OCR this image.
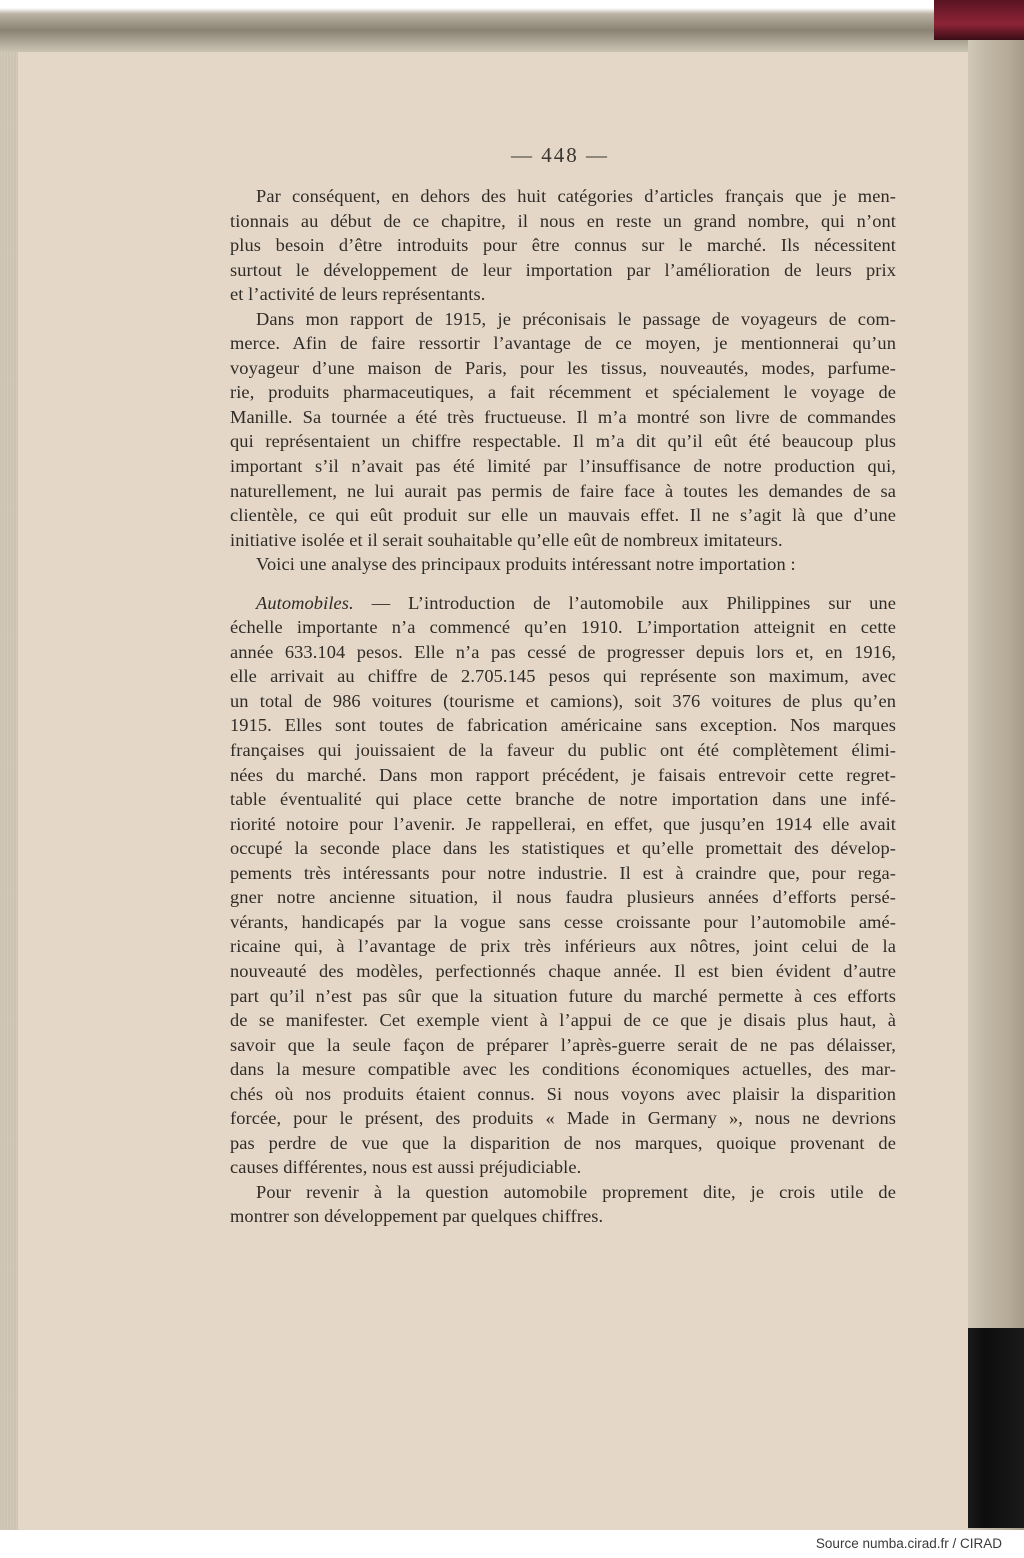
— 448 —
Par conséquent, en dehors des huit catégories d’articles français que je men-
tionnais au début de ce chapitre, il nous en reste un grand nombre, qui n’ont
plus besoin d’être introduits pour être connus sur le marché. Ils nécessitent
surtout le développement de leur importation par l’amélioration de leurs prix
et l’activité de leurs représentants.
Dans mon rapport de 1915, je préconisais le passage de voyageurs de com-
merce. Afin de faire ressortir l’avantage de ce moyen, je mentionnerai qu’un
voyageur d’une maison de Paris, pour les tissus, nouveautés, modes, parfume-
rie, produits pharmaceutiques, a fait récemment et spécialement le voyage de
Manille. Sa tournée a été très fructueuse. Il m’a montré son livre de commandes
qui représentaient un chiffre respectable. Il m’a dit qu’il eût été beaucoup plus
important s’il n’avait pas été limité par l’insuffisance de notre production qui,
naturellement, ne lui aurait pas permis de faire face à toutes les demandes de sa
clientèle, ce qui eût produit sur elle un mauvais effet. Il ne s’agit là que d’une
initiative isolée et il serait souhaitable qu’elle eût de nombreux imitateurs.
Voici une analyse des principaux produits intéressant notre importation :
Automobiles. — L’introduction de l’automobile aux Philippines sur une
échelle importante n’a commencé qu’en 1910. L’importation atteignit en cette
année 633.104 pesos. Elle n’a pas cessé de progresser depuis lors et, en 1916,
elle arrivait au chiffre de 2.705.145 pesos qui représente son maximum, avec
un total de 986 voitures (tourisme et camions), soit 376 voitures de plus qu’en
1915. Elles sont toutes de fabrication américaine sans exception. Nos marques
françaises qui jouissaient de la faveur du public ont été complètement élimi-
nées du marché. Dans mon rapport précédent, je faisais entrevoir cette regret-
table éventualité qui place cette branche de notre importation dans une infé-
riorité notoire pour l’avenir. Je rappellerai, en effet, que jusqu’en 1914 elle avait
occupé la seconde place dans les statistiques et qu’elle promettait des dévelop-
pements très intéressants pour notre industrie. Il est à craindre que, pour rega-
gner notre ancienne situation, il nous faudra plusieurs années d’efforts persé-
vérants, handicapés par la vogue sans cesse croissante pour l’automobile amé-
ricaine qui, à l’avantage de prix très inférieurs aux nôtres, joint celui de la
nouveauté des modèles, perfectionnés chaque année. Il est bien évident d’autre
part qu’il n’est pas sûr que la situation future du marché permette à ces efforts
de se manifester. Cet exemple vient à l’appui de ce que je disais plus haut, à
savoir que la seule façon de préparer l’après-guerre serait de ne pas délaisser,
dans la mesure compatible avec les conditions économiques actuelles, des mar-
chés où nos produits étaient connus. Si nous voyons avec plaisir la disparition
forcée, pour le présent, des produits « Made in Germany », nous ne devrions
pas perdre de vue que la disparition de nos marques, quoique provenant de
causes différentes, nous est aussi préjudiciable.
Pour revenir à la question automobile proprement dite, je crois utile de
montrer son développement par quelques chiffres.
Source numba.cirad.fr / CIRAD
